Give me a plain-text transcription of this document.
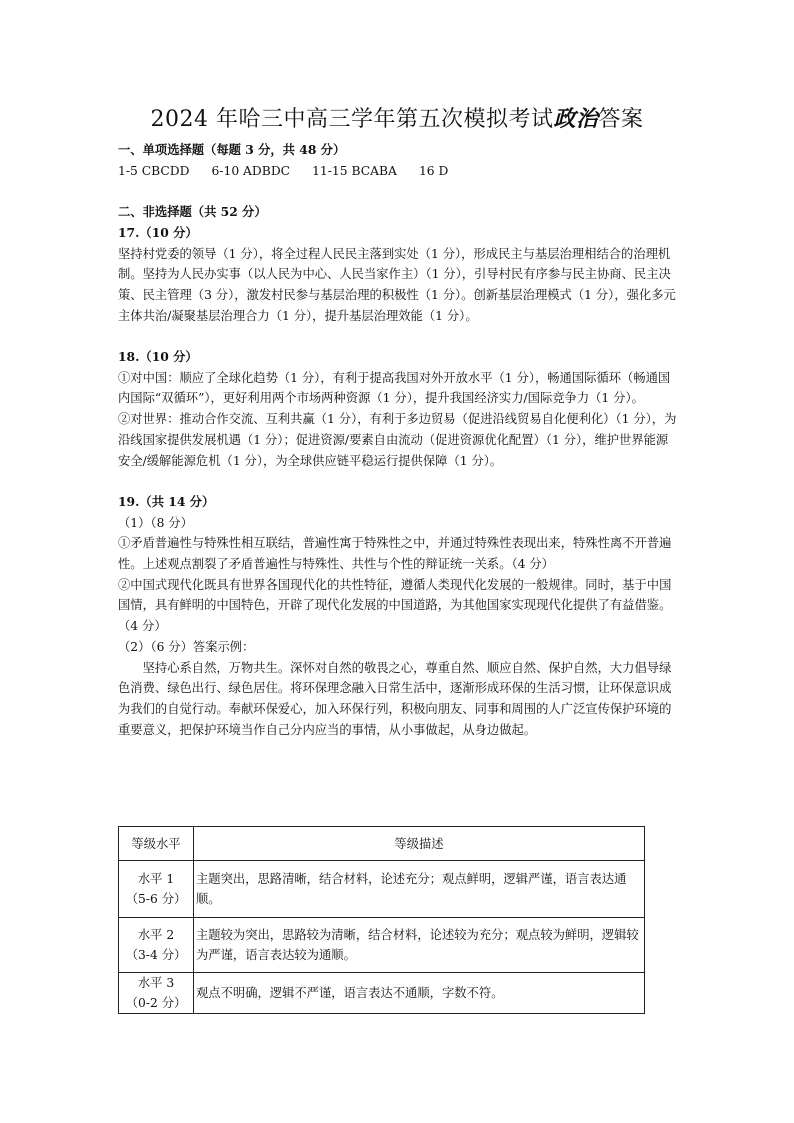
2024 年哈三中高三学年第五次模拟考试政治答案

一、单项选择题（每题 3 分，共 48 分）

1-5 CBCDD 6-10 ADBDC 11-15 BCABA 16 D

二、非选择题（共 52 分）

17.（10 分）

坚持村党委的领导（1 分），将全过程人民民主落到实处（1 分），形成民主与基层治理相结合的治理机制。坚持为人民办实事（以人民为中心、人民当家作主）（1 分），引导村民有序参与民主协商、民主决策、民主管理（3 分），激发村民参与基层治理的积极性（1 分）。创新基层治理模式（1 分），强化多元主体共治/凝聚基层治理合力（1 分），提升基层治理效能（1 分）。

18.（10 分）

①对中国：顺应了全球化趋势（1 分），有利于提高我国对外开放水平（1 分），畅通国际循环（畅通国内国际“双循环”），更好利用两个市场两种资源（1 分），提升我国经济实力/国际竞争力（1 分）。

②对世界：推动合作交流、互利共赢（1 分），有利于多边贸易（促进沿线贸易自化便利化）（1 分），为沿线国家提供发展机遇（1 分）；促进资源/要素自由流动（促进资源优化配置）（1 分），维护世界能源安全/缓解能源危机（1 分），为全球供应链平稳运行提供保障（1 分）。

19.（共 14 分）

（1）（8 分）

①矛盾普遍性与特殊性相互联结，普遍性寓于特殊性之中，并通过特殊性表现出来，特殊性离不开普遍性。上述观点割裂了矛盾普遍性与特殊性、共性与个性的辩证统一关系。（4 分）

②中国式现代化既具有世界各国现代化的共性特征，遵循人类现代化发展的一般规律。同时，基于中国国情，具有鲜明的中国特色，开辟了现代化发展的中国道路，为其他国家实现现代化提供了有益借鉴。（4 分）

（2）（6 分）答案示例：

坚持心系自然，万物共生。深怀对自然的敬畏之心，尊重自然、顺应自然、保护自然，大力倡导绿色消费、绿色出行、绿色居住。将环保理念融入日常生活中，逐渐形成环保的生活习惯，让环保意识成为我们的自觉行动。奉献环保爱心，加入环保行列，积极向朋友、同事和周围的人广泛宣传保护环境的重要意义，把保护环境当作自己分内应当的事情，从小事做起，从身边做起。

等级水平	等级描述

水平 1
（5-6 分）	主题突出，思路清晰，结合材料，论述充分；观点鲜明，逻辑严谨，语言表达通顺。

水平 2
（3-4 分）	主题较为突出，思路较为清晰，结合材料，论述较为充分；观点较为鲜明，逻辑较为严谨，语言表达较为通顺。

水平 3
（0-2 分）	观点不明确，逻辑不严谨，语言表达不通顺，字数不符。
